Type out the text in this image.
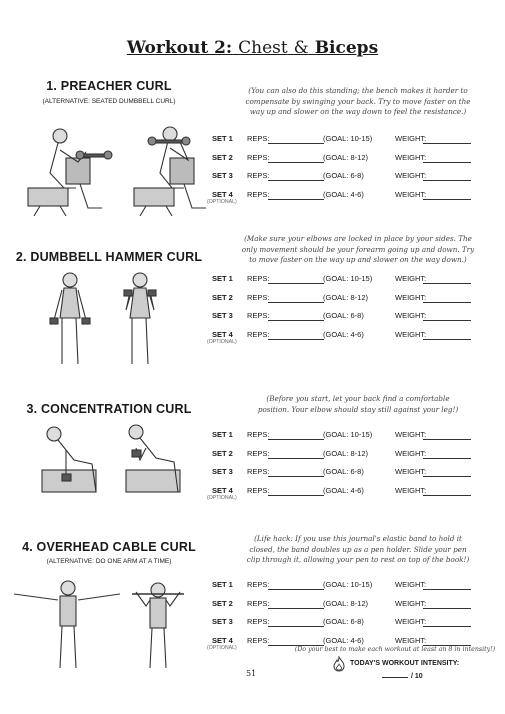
Workout 2: Chest & Biceps
1. PREACHER CURL
(ALTERNATIVE: SEATED DUMBBELL CURL)
(You can also do this standing; the bench makes it harder to
compensate by swinging your back. Try to move faster on the
way up and slower on the way down to feel the resistance.)
2. DUMBBELL HAMMER CURL
(Make sure your elbows are locked in place by your sides. The
only movement should be your forearm going up and down. Try
to move faster on the way up and slower on the way down.)
3. CONCENTRATION CURL
(Before you start, let your back find a comfortable
position. Your elbow should stay still against your leg!)
4. OVERHEAD CABLE CURL
(ALTERNATIVE: DO ONE ARM AT A TIME)
(Life hack: If you use this journal's elastic band to hold it
closed, the band doubles up as a pen holder. Slide your pen
clip through it, allowing your pen to rest on top of the book!)
SET 1 REPS:	(GOAL: 10-15)	WEIGHT:
SET 2 REPS:	(GOAL: 8-12)	WEIGHT:
SET 3 REPS:	(GOAL: 6-8)	WEIGHT:
SET 4 REPS:	(GOAL: 4-6)	WEIGHT:
(OPTIONAL)
SET 1 REPS:	(GOAL: 10-15)	WEIGHT:
SET 2 REPS:	(GOAL: 8-12)	WEIGHT:
SET 3 REPS:	(GOAL: 6-8)	WEIGHT:
SET 4 REPS:	(GOAL: 4-6)	WEIGHT:
(OPTIONAL)
SET 1 REPS:	(GOAL: 10-15)	WEIGHT:
SET 2 REPS:	(GOAL: 8-12)	WEIGHT:
SET 3 REPS:	(GOAL: 6-8)	WEIGHT:
SET 4 REPS:	(GOAL: 4-6)	WEIGHT:
(OPTIONAL)
SET 1 REPS:	(GOAL: 10-15)	WEIGHT:
SET 2 REPS:	(GOAL: 8-12)	WEIGHT:
SET 3 REPS:	(GOAL: 6-8)	WEIGHT:
SET 4 REPS:	(GOAL: 4-6)	WEIGHT:
(OPTIONAL)	(Do your best to make each workout at least an 8 in intensity!)
51
TODAY'S WORKOUT INTENSITY:
/ 10
